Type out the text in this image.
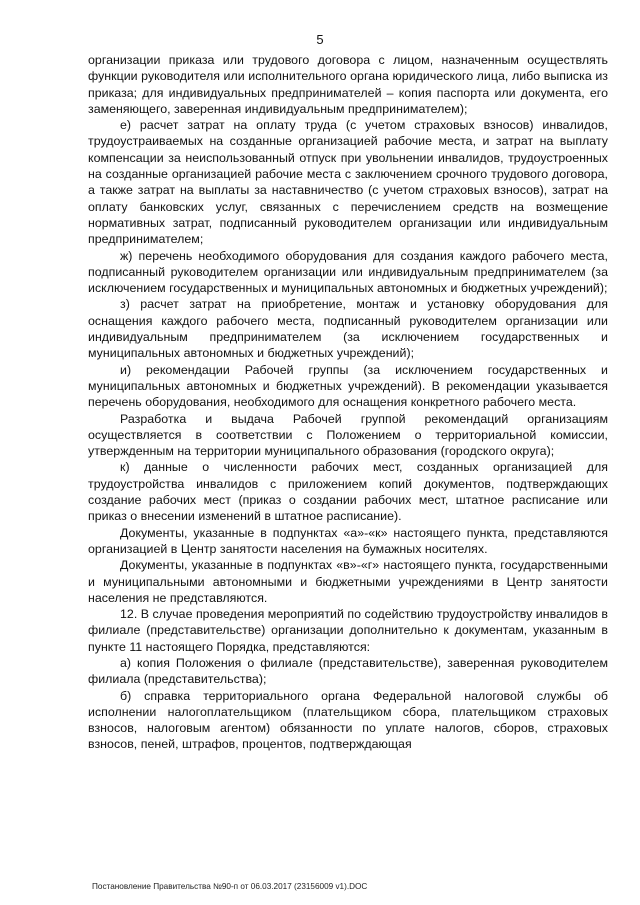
5

организации приказа или трудового договора с лицом, назначенным осуществлять функции руководителя или исполнительного органа юридического лица, либо выписка из приказа; для индивидуальных предпринимателей – копия паспорта или документа, его заменяющего, заверенная индивидуальным предпринимателем);

е) расчет затрат на оплату труда (с учетом страховых взносов) инвалидов, трудоустраиваемых на созданные организацией рабочие места, и затрат на выплату компенсации за неиспользованный отпуск при увольнении инвалидов, трудоустроенных на созданные организацией рабочие места с заключением срочного трудового договора, а также затрат на выплаты за наставничество (с учетом страховых взносов), затрат на оплату банковских услуг, связанных с перечислением средств на возмещение нормативных затрат, подписанный руководителем организации или индивидуальным предпринимателем;

ж) перечень необходимого оборудования для создания каждого рабочего места, подписанный руководителем организации или индивидуальным предпринимателем (за исключением государственных и муниципальных автономных и бюджетных учреждений);

з) расчет затрат на приобретение, монтаж и установку оборудования для оснащения каждого рабочего места, подписанный руководителем организации или индивидуальным предпринимателем (за исключением государственных и муниципальных автономных и бюджетных учреждений);

и) рекомендации Рабочей группы (за исключением государственных и муниципальных автономных и бюджетных учреждений). В рекомендации указывается перечень оборудования, необходимого для оснащения конкретного рабочего места.

Разработка и выдача Рабочей группой рекомендаций организациям осуществляется в соответствии с Положением о территориальной комиссии, утвержденным на территории муниципального образования (городского округа);

к) данные о численности рабочих мест, созданных организацией для трудоустройства инвалидов с приложением копий документов, подтверждающих создание рабочих мест (приказ о создании рабочих мест, штатное расписание или приказ о внесении изменений в штатное расписание).

Документы, указанные в подпунктах «а»-«к» настоящего пункта, представляются организацией в Центр занятости населения на бумажных носителях.

Документы, указанные в подпунктах «в»-«г» настоящего пункта, государственными и муниципальными автономными и бюджетными учреждениями в Центр занятости населения не представляются.

12. В случае проведения мероприятий по содействию трудоустройству инвалидов в филиале (представительстве) организации дополнительно к документам, указанным в пункте 11 настоящего Порядка, представляются:

а) копия Положения о филиале (представительстве), заверенная руководителем филиала (представительства);

б) справка территориального органа Федеральной налоговой службы об исполнении налогоплательщиком (плательщиком сбора, плательщиком страховых взносов, налоговым агентом) обязанности по уплате налогов, сборов, страховых взносов, пеней, штрафов, процентов, подтверждающая

Постановление Правительства №90-п от 06.03.2017 (23156009 v1).DOC
